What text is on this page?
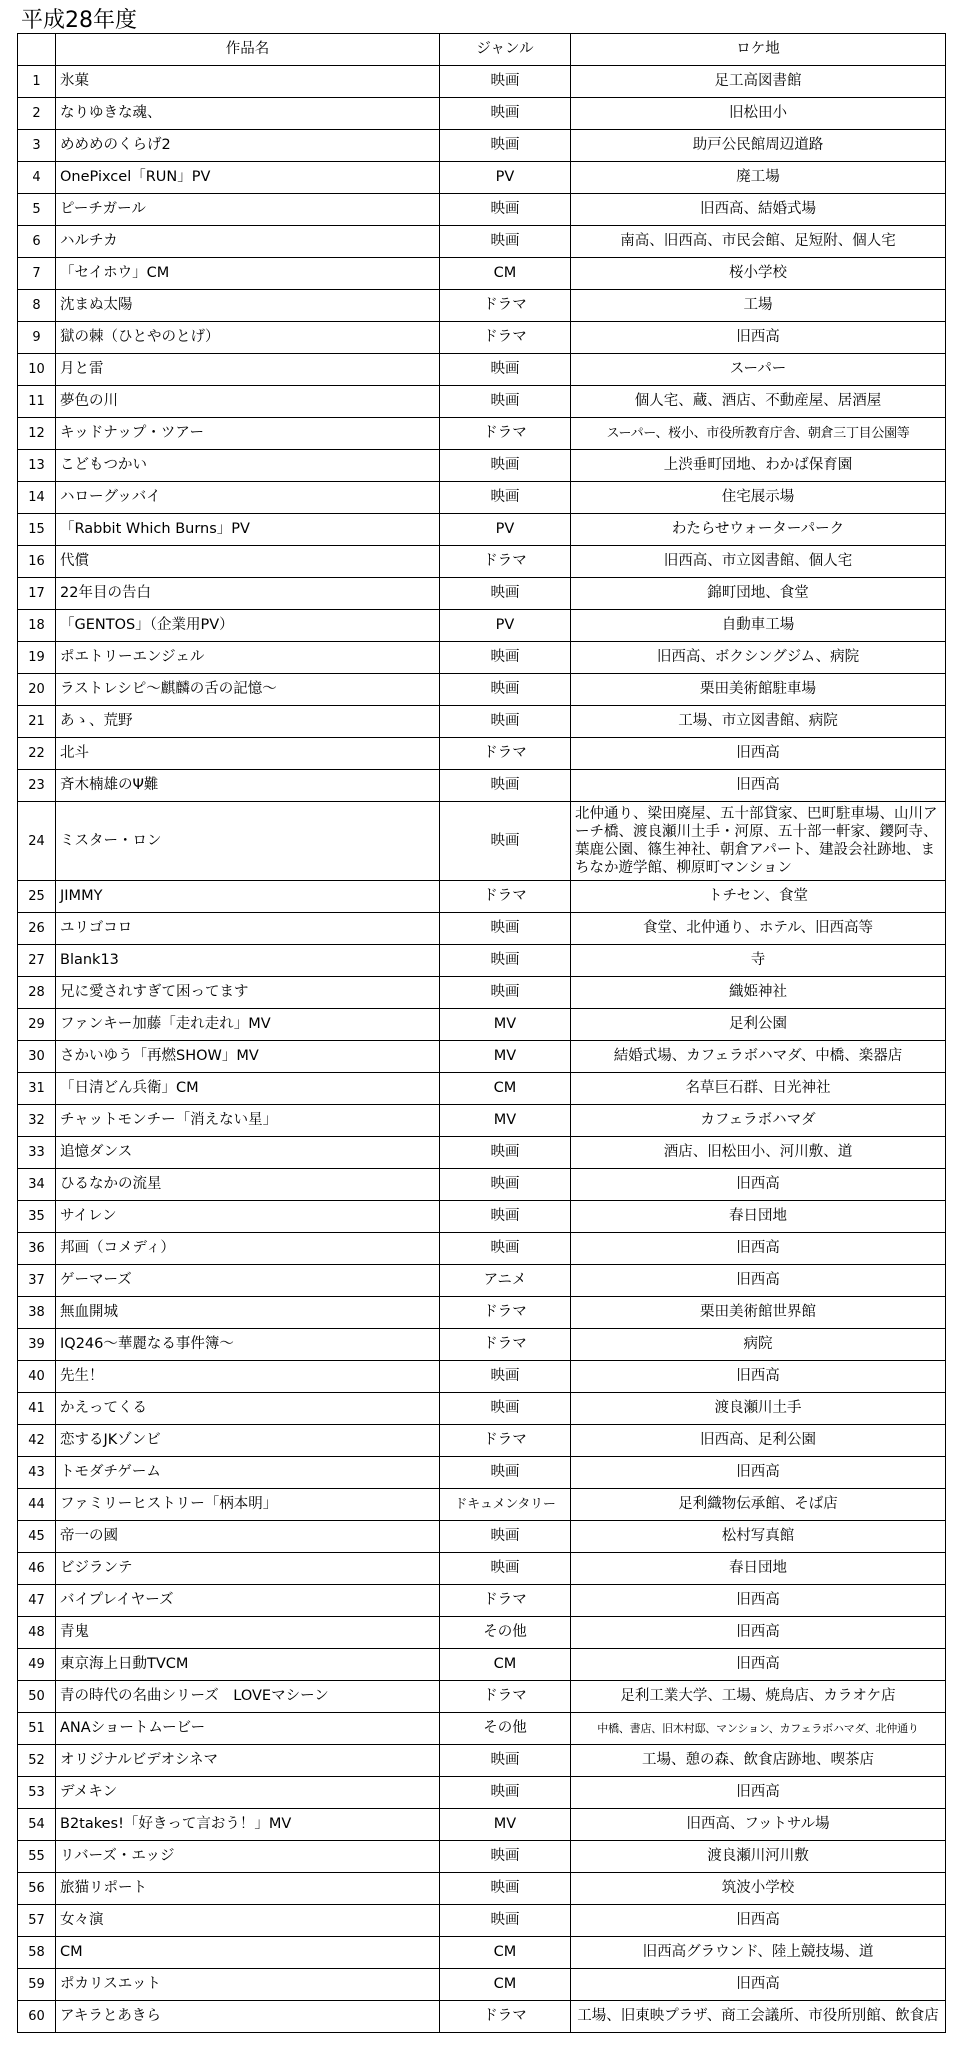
平成28年度
	作品名	ジャンル	ロケ地
1	氷菓	映画	足工高図書館
2	なりゆきな魂、	映画	旧松田小
3	めめめのくらげ2	映画	助戸公民館周辺道路
4	OnePixcel「RUN」PV	PV	廃工場
5	ピーチガール	映画	旧西高、結婚式場
6	ハルチカ	映画	南高、旧西高、市民会館、足短附、個人宅
7	「セイホウ」CM	CM	桜小学校
8	沈まぬ太陽	ドラマ	工場
9	獄の棘（ひとやのとげ）	ドラマ	旧西高
10	月と雷	映画	スーパー
11	夢色の川	映画	個人宅、蔵、酒店、不動産屋、居酒屋
12	キッドナップ・ツアー	ドラマ	スーパー、桜小、市役所教育庁舎、朝倉三丁目公園等
13	こどもつかい	映画	上渋垂町団地、わかば保育園
14	ハローグッバイ	映画	住宅展示場
15	「Rabbit Which Burns」PV	PV	わたらせウォーターパーク
16	代償	ドラマ	旧西高、市立図書館、個人宅
17	22年目の告白	映画	錦町団地、食堂
18	「GENTOS」（企業用PV）	PV	自動車工場
19	ポエトリーエンジェル	映画	旧西高、ボクシングジム、病院
20	ラストレシピ～麒麟の舌の記憶～	映画	栗田美術館駐車場
21	あゝ、荒野	映画	工場、市立図書館、病院
22	北斗	ドラマ	旧西高
23	斉木楠雄のΨ難	映画	旧西高
24	ミスター・ロン	映画	北仲通り、梁田廃屋、五十部貸家、巴町駐車場、山川アーチ橋、渡良瀬川土手・河原、五十部一軒家、鑁阿寺、葉鹿公園、篠生神社、朝倉アパート、建設会社跡地、まちなか遊学館、柳原町マンション
25	JIMMY	ドラマ	トチセン、食堂
26	ユリゴコロ	映画	食堂、北仲通り、ホテル、旧西高等
27	Blank13	映画	寺
28	兄に愛されすぎて困ってます	映画	織姫神社
29	ファンキー加藤「走れ走れ」MV	MV	足利公園
30	さかいゆう「再燃SHOW」MV	MV	結婚式場、カフェラボハマダ、中橋、楽器店
31	「日清どん兵衛」CM	CM	名草巨石群、日光神社
32	チャットモンチー「消えない星」	MV	カフェラボハマダ
33	追憶ダンス	映画	酒店、旧松田小、河川敷、道
34	ひるなかの流星	映画	旧西高
35	サイレン	映画	春日団地
36	邦画（コメディ）	映画	旧西高
37	ゲーマーズ	アニメ	旧西高
38	無血開城	ドラマ	栗田美術館世界館
39	IQ246～華麗なる事件簿～	ドラマ	病院
40	先生！	映画	旧西高
41	かえってくる	映画	渡良瀬川土手
42	恋するJKゾンビ	ドラマ	旧西高、足利公園
43	トモダチゲーム	映画	旧西高
44	ファミリーヒストリー「柄本明」	ドキュメンタリー	足利織物伝承館、そば店
45	帝一の國	映画	松村写真館
46	ビジランテ	映画	春日団地
47	バイプレイヤーズ	ドラマ	旧西高
48	青鬼	その他	旧西高
49	東京海上日動TVCM	CM	旧西高
50	青の時代の名曲シリーズ　LOVEマシーン	ドラマ	足利工業大学、工場、焼鳥店、カラオケ店
51	ANAショートムービー	その他	中橋、書店、旧木村邸、マンション、カフェラボハマダ、北仲通り
52	オリジナルビデオシネマ	映画	工場、憩の森、飲食店跡地、喫茶店
53	デメキン	映画	旧西高
54	B2takes!「好きって言おう！」MV	MV	旧西高、フットサル場
55	リバーズ・エッジ	映画	渡良瀬川河川敷
56	旅猫リポート	映画	筑波小学校
57	女々演	映画	旧西高
58	CM	CM	旧西高グラウンド、陸上競技場、道
59	ポカリスエット	CM	旧西高
60	アキラとあきら	ドラマ	工場、旧東映プラザ、商工会議所、市役所別館、飲食店
